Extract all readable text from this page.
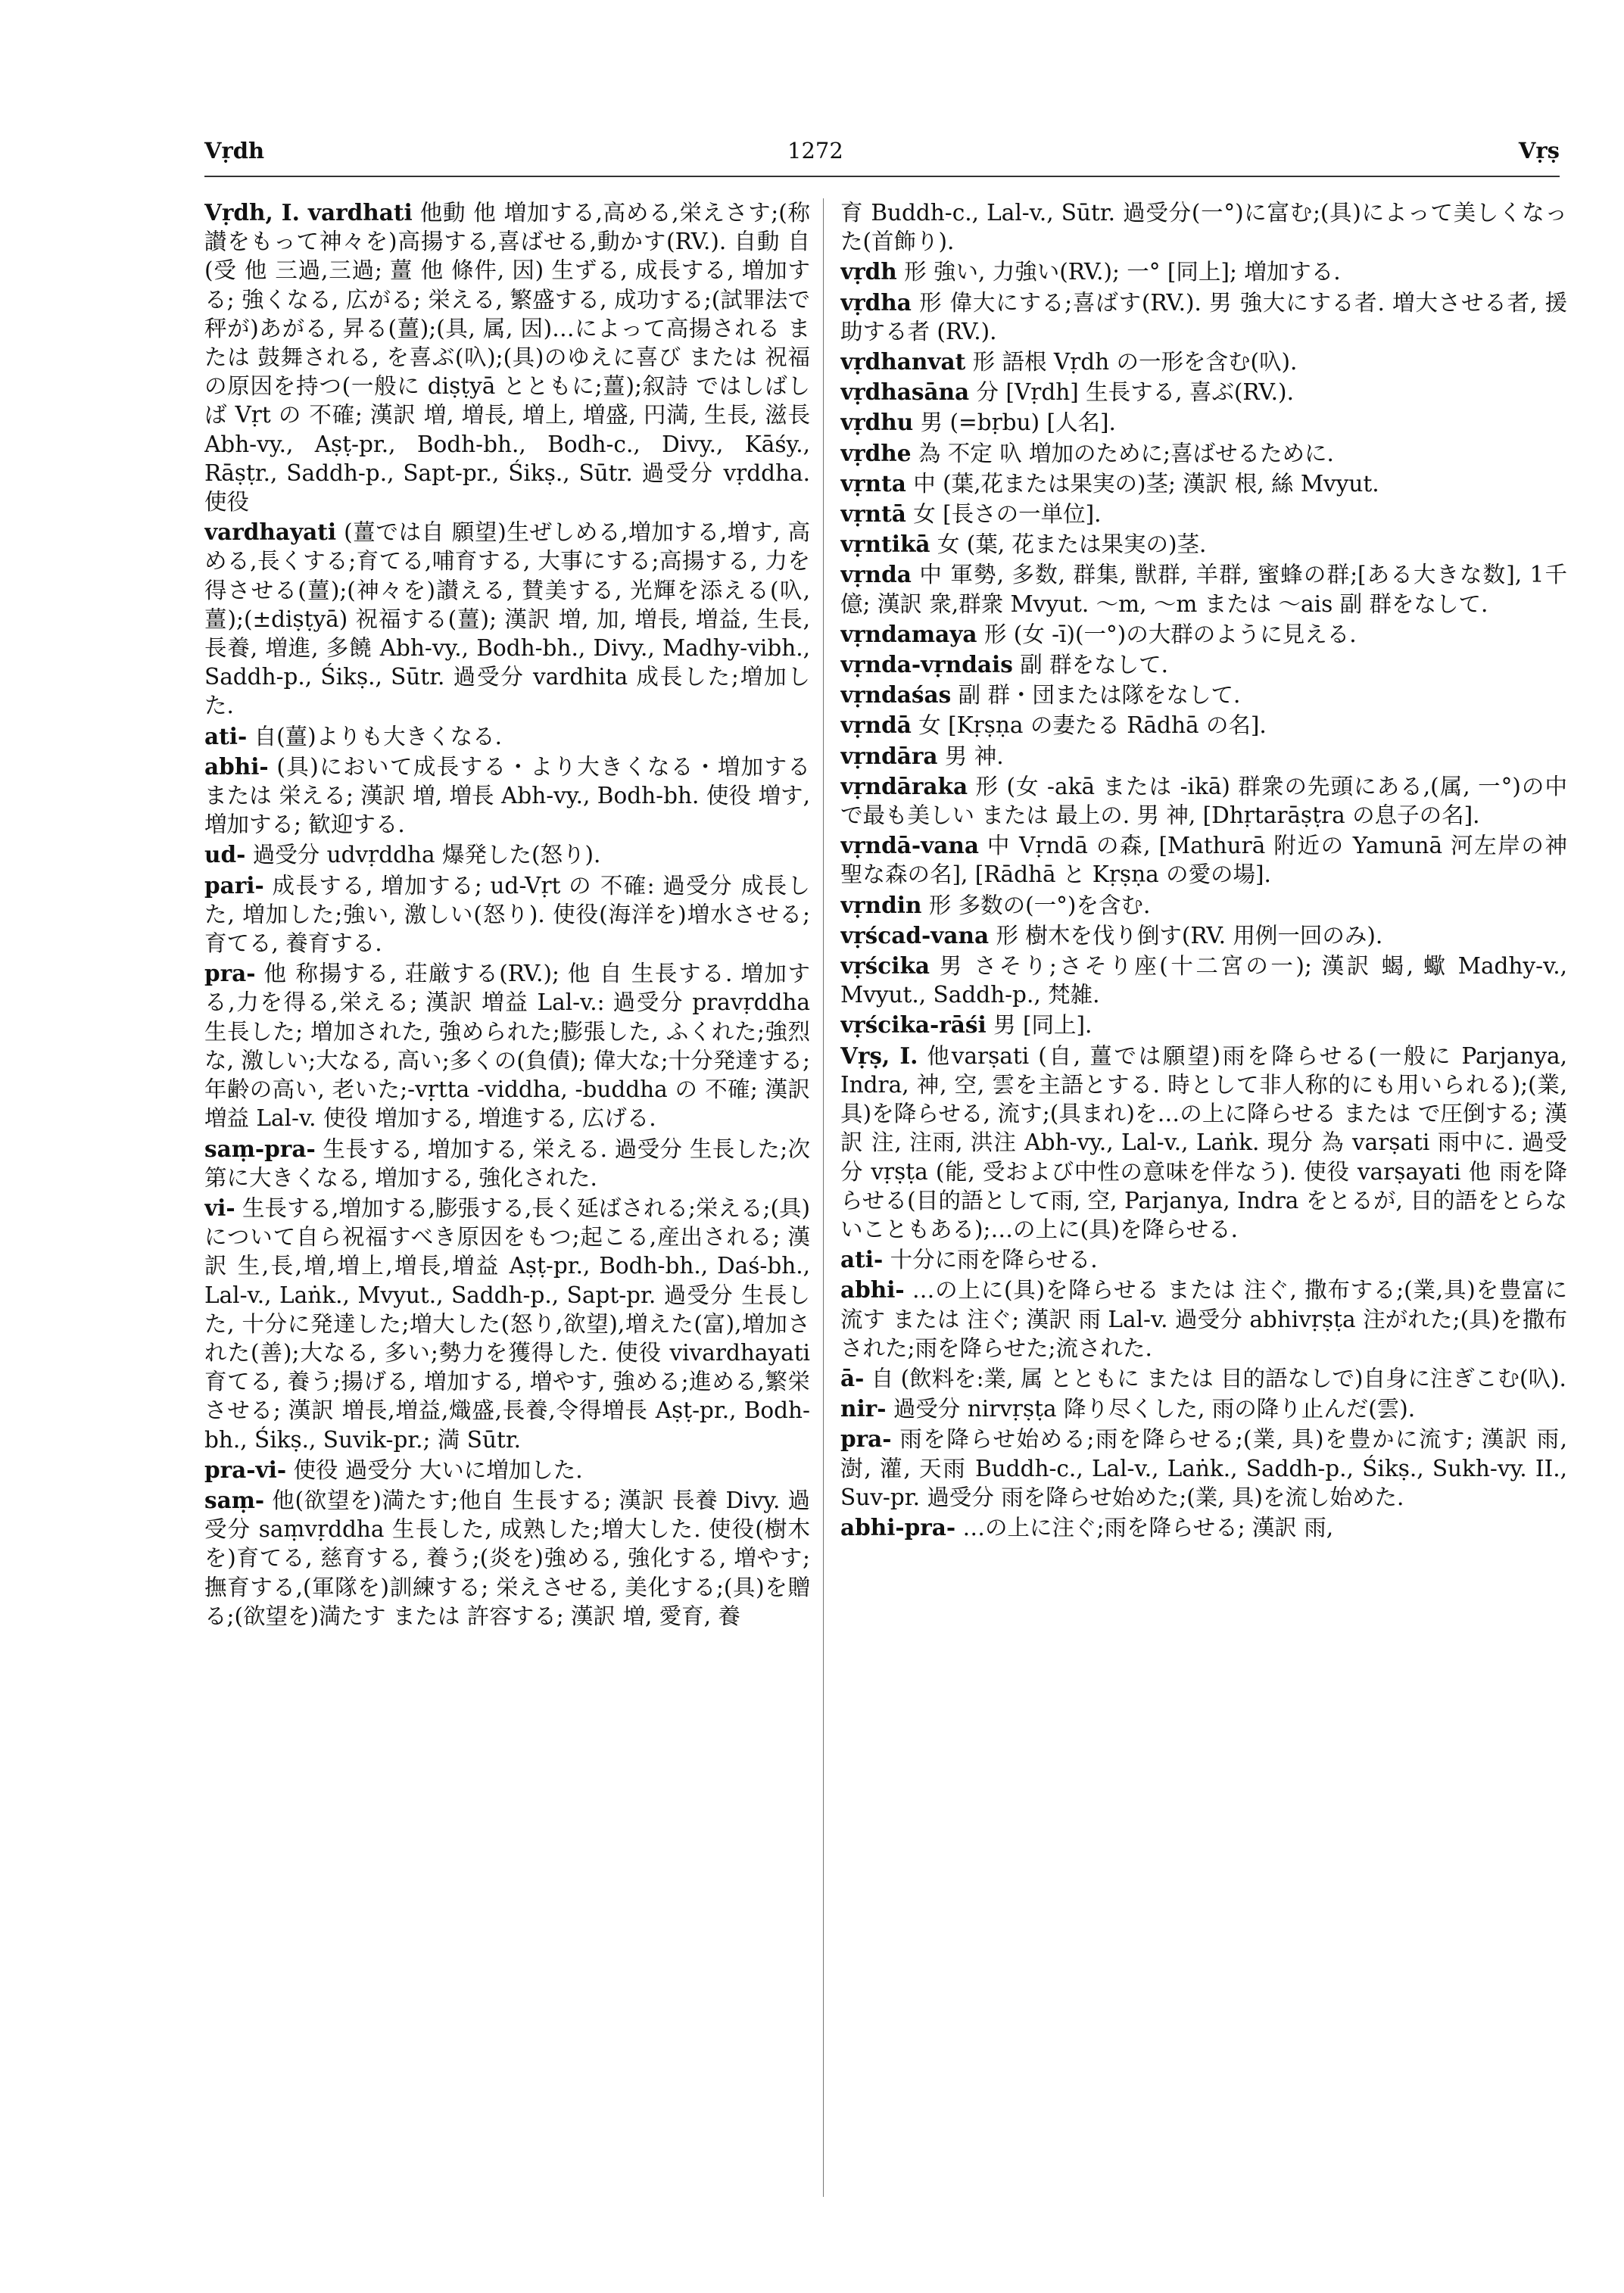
Vṛdh	1272	Vṛṣ
Vṛdh, I. vardhati 他動 他 増加する,高める,栄えさす;(称讃をもって神々を)高揚する,喜ばせる,動かす(RV.). 自動 自 (受 他 三過,三過; 薑 他 條件, 因) 生ずる, 成長する, 増加する; 強くなる, 広がる; 栄える, 繁盛する, 成功する;(試罪法で秤が)あがる, 昇る(薑);(具, 属, 因)…によって高揚される または 鼓舞される, を喜ぶ(叺);(具)のゆえに喜び または 祝福の原因を持つ(一般に diṣṭyā とともに;薑);叙詩 ではしばしば Vṛt の 不確; 漢訳 増, 増長, 増上, 増盛, 円満, 生長, 滋長 Abh-vy., Aṣṭ-pr., Bodh-bh., Bodh-c., Divy., Kāśy., Rāṣṭr., Saddh-p., Sapt-pr., Śikṣ., Sūtr. 過受分 vṛddha. 使役
vardhayati (薑では自 願望)生ぜしめる,増加する,増す, 高める,長くする;育てる,哺育する, 大事にする;高揚する, 力を得させる(薑);(神々を)讃える, 賛美する, 光輝を添える(叺, 薑);(±diṣṭyā) 祝福する(薑); 漢訳 増, 加, 増長, 増益, 生長, 長養, 増進, 多饒 Abh-vy., Bodh-bh., Divy., Madhy-vibh., Saddh-p., Śikṣ., Sūtr. 過受分 vardhita 成長した;増加した.
ati- 自(薑)よりも大きくなる.
abhi- (具)において成長する・より大きくなる・増加する または 栄える; 漢訳 増, 増長 Abh-vy., Bodh-bh. 使役 増す, 増加する; 歓迎する.
ud- 過受分 udvṛddha 爆発した(怒り).
pari- 成長する, 増加する; ud-Vṛt の 不確: 過受分 成長した, 増加した;強い, 激しい(怒り). 使役(海洋を)増水させる;育てる, 養育する.
pra- 他 称揚する, 荘厳する(RV.); 他 自 生長する. 増加する,力を得る,栄える; 漢訳 増益 Lal-v.: 過受分 pravṛddha 生長した; 増加された, 強められた;膨張した, ふくれた;強烈な, 激しい;大なる, 高い;多くの(負債); 偉大な;十分発達する;年齢の高い, 老いた;-vṛtta -viddha, -buddha の 不確; 漢訳 増益 Lal-v. 使役 増加する, 増進する, 広げる.
saṃ-pra- 生長する, 増加する, 栄える. 過受分 生長した;次第に大きくなる, 増加する, 強化された.
vi- 生長する,増加する,膨張する,長く延ばされる;栄える;(具)について自ら祝福すべき原因をもつ;起こる,産出される; 漢訳 生,長,増,増上,増長,増益 Aṣṭ-pr., Bodh-bh., Daś-bh., Lal-v., Laṅk., Mvyut., Saddh-p., Sapt-pr. 過受分 生長した, 十分に発達した;増大した(怒り,欲望),増えた(富),増加された(善);大なる, 多い;勢力を獲得した. 使役 vivardhayati 育てる, 養う;揚げる, 増加する, 増やす, 強める;進める,繁栄させる; 漢訳 増長,増益,熾盛,長養,令得増長 Aṣṭ-pr., Bodh-bh., Śikṣ., Suvik-pr.; 満 Sūtr.
pra-vi- 使役 過受分 大いに増加した.
saṃ- 他(欲望を)満たす;他自 生長する; 漢訳 長養 Divy. 過受分 saṃvṛddha 生長した, 成熟した;増大した. 使役(樹木を)育てる, 慈育する, 養う;(炎を)強める, 強化する, 増やす;撫育する,(軍隊を)訓練する; 栄えさせる, 美化する;(具)を贈る;(欲望を)満たす または 許容する; 漢訳 増, 愛育, 養
育 Buddh-c., Lal-v., Sūtr. 過受分(一°)に富む;(具)によって美しくなった(首飾り).
vṛdh 形 強い, 力強い(RV.); 一° [同上]; 増加する.
vṛdha 形 偉大にする;喜ばす(RV.). 男 強大にする者. 増大させる者, 援助する者 (RV.).
vṛdhanvat 形 語根 Vṛdh の一形を含む(叺).
vṛdhasāna 分 [Vṛdh] 生長する, 喜ぶ(RV.).
vṛdhu 男 (=bṛbu) [人名].
vṛdhe 為 不定 叺 増加のために;喜ばせるために.
vṛnta 中 (葉,花または果実の)茎; 漢訳 根, 絲 Mvyut.
vṛntā 女 [長さの一単位].
vṛntikā 女 (葉, 花または果実の)茎.
vṛnda 中 軍勢, 多数, 群集, 獣群, 羊群, 蜜蜂の群;[ある大きな数], 1千億; 漢訳 衆,群衆 Mvyut. 〜m, 〜m または 〜ais 副 群をなして.
vṛndamaya 形 (女 -ī)(一°)の大群のように見える.
vṛnda-vṛndais 副 群をなして.
vṛndaśas 副 群・団または隊をなして.
vṛndā 女 [Kṛṣṇa の妻たる Rādhā の名].
vṛndāra 男 神.
vṛndāraka 形 (女 -akā または -ikā) 群衆の先頭にある,(属, 一°)の中で最も美しい または 最上の. 男 神, [Dhṛtarāṣṭra の息子の名].
vṛndā-vana 中 Vṛndā の森, [Mathurā 附近の Yamunā 河左岸の神聖な森の名], [Rādhā と Kṛṣṇa の愛の場].
vṛndin 形 多数の(一°)を含む.
vṛścad-vana 形 樹木を伐り倒す(RV. 用例一回のみ).
vṛścika 男 さそり;さそり座(十二宮の一); 漢訳 蝎, 蠍 Madhy-v., Mvyut., Saddh-p., 梵雑.
vṛścika-rāśi 男 [同上].
Vṛṣ, I. 他varṣati (自, 薑では願望)雨を降らせる(一般に Parjanya, Indra, 神, 空, 雲を主語とする. 時として非人称的にも用いられる);(業, 具)を降らせる, 流す;(具まれ)を…の上に降らせる または で圧倒する; 漢訳 注, 注雨, 洪注 Abh-vy., Lal-v., Laṅk. 現分 為 varṣati 雨中に. 過受分 vṛṣṭa (能, 受および中性の意味を伴なう). 使役 varṣayati 他 雨を降らせる(目的語として雨, 空, Parjanya, Indra をとるが, 目的語をとらないこともある);…の上に(具)を降らせる.
ati- 十分に雨を降らせる.
abhi- …の上に(具)を降らせる または 注ぐ, 撒布する;(業,具)を豊富に流す または 注ぐ; 漢訳 雨 Lal-v. 過受分 abhivṛṣṭa 注がれた;(具)を撒布された;雨を降らせた;流された.
ā- 自 (飲料を:業, 属 とともに または 目的語なしで)自身に注ぎこむ(叺).
nir- 過受分 nirvṛṣṭa 降り尽くした, 雨の降り止んだ(雲).
pra- 雨を降らせ始める;雨を降らせる;(業, 具)を豊かに流す; 漢訳 雨, 澍, 灌, 天雨 Buddh-c., Lal-v., Laṅk., Saddh-p., Śikṣ., Sukh-vy. II., Suv-pr. 過受分 雨を降らせ始めた;(業, 具)を流し始めた.
abhi-pra- …の上に注ぐ;雨を降らせる; 漢訳 雨,
